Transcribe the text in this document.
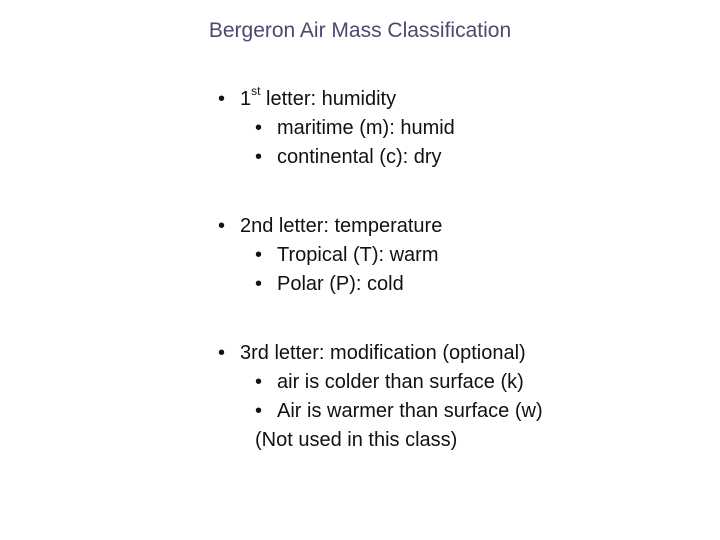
Bergeron Air Mass Classification
• 1st letter: humidity
• maritime (m): humid
• continental (c): dry
• 2nd letter: temperature
• Tropical (T): warm
• Polar (P): cold
• 3rd letter: modification (optional)
• air is colder than surface (k)
• Air is warmer than surface (w)
(Not used in this class)
